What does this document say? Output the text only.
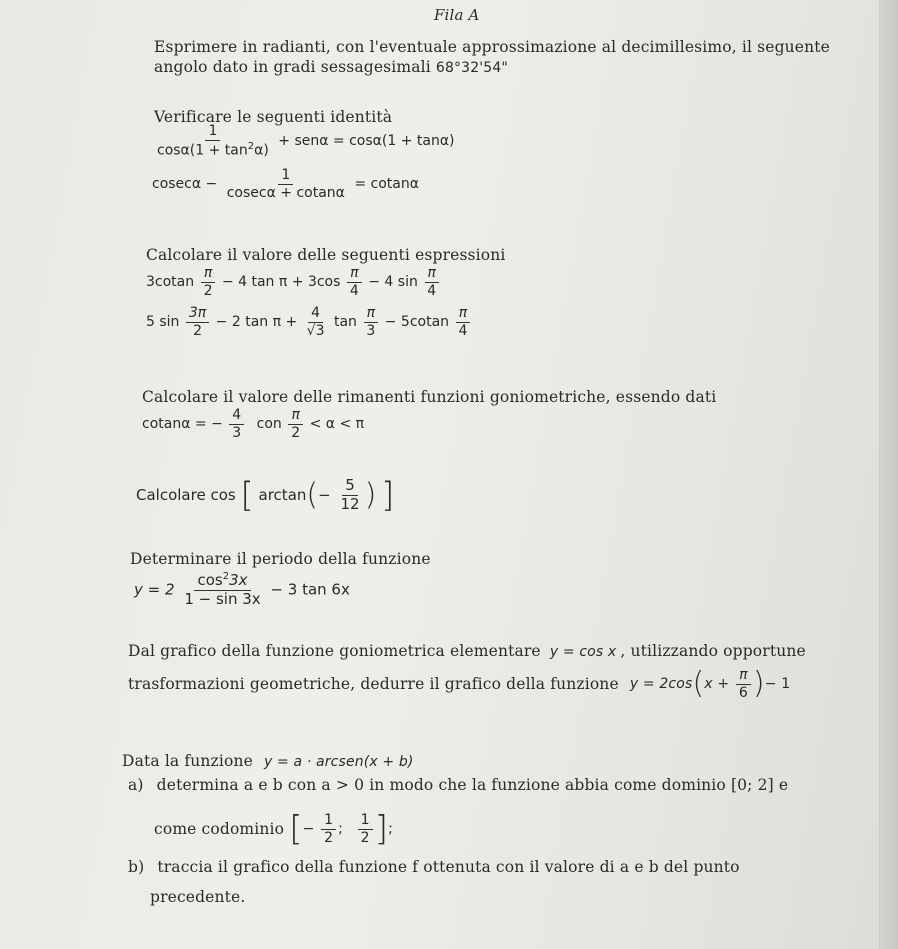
Fila A
Esprimere in radianti, con l'eventuale approssimazione al decimillesimo, il seguente
angolo dato in gradi sessagesimali 68°32'54"
Verificare le seguenti identità
$\frac{1}{\cos\alpha(1 + \tan^2\alpha)} + sen\alpha = \cos\alpha(1 + \tan\alpha)$
$cosec\alpha - \frac{1}{cosec\alpha + cotan\alpha} = cotan\alpha$
Calcolare il valore delle seguenti espressioni
$3cotan \frac{\pi}{2} - 4$ $\tan \pi + 3\cos \frac{\pi}{4} - 4$ $\sin \frac{\pi}{4}$
5 $\sin \frac{3\pi}{2} - 2$ $\tan \pi + \frac{4}{√3}$ $\tan \frac{\pi}{3} - 5cotan \frac{\pi}{4}$
Calcolare il valore delle rimanenti funzioni goniometriche, essendo dati
cotanα = − $\frac{4}{3}$ con $\frac{\pi}{2} < \alpha < \pi$
Calcolare cos [ $\arctan(- \frac{5}{12}$ ) ]
Determinare il periodo della funzione
$y = 2 \frac{\cos^23x}{1 - \sin 3x} - 3$ tan 6x
Dal grafico della funzione goniometrica elementare y = cos x , utilizzando opportune
trasformazioni geometriche, dedurre il grafico della funzione $y = 2\cos(x + \frac{\pi}{6}$ )− 1
Data la funzione y = a · arcsen(x + b)
a) determina a e b con a > 0 in modo che la funzione abbia come dominio [0; 2] e
come codominio [− $\frac{1}{2}$ ; $\frac{1}{2}$ ];
b) traccia il grafico della funzione f ottenuta con il valore di a e b del punto
precedente.
